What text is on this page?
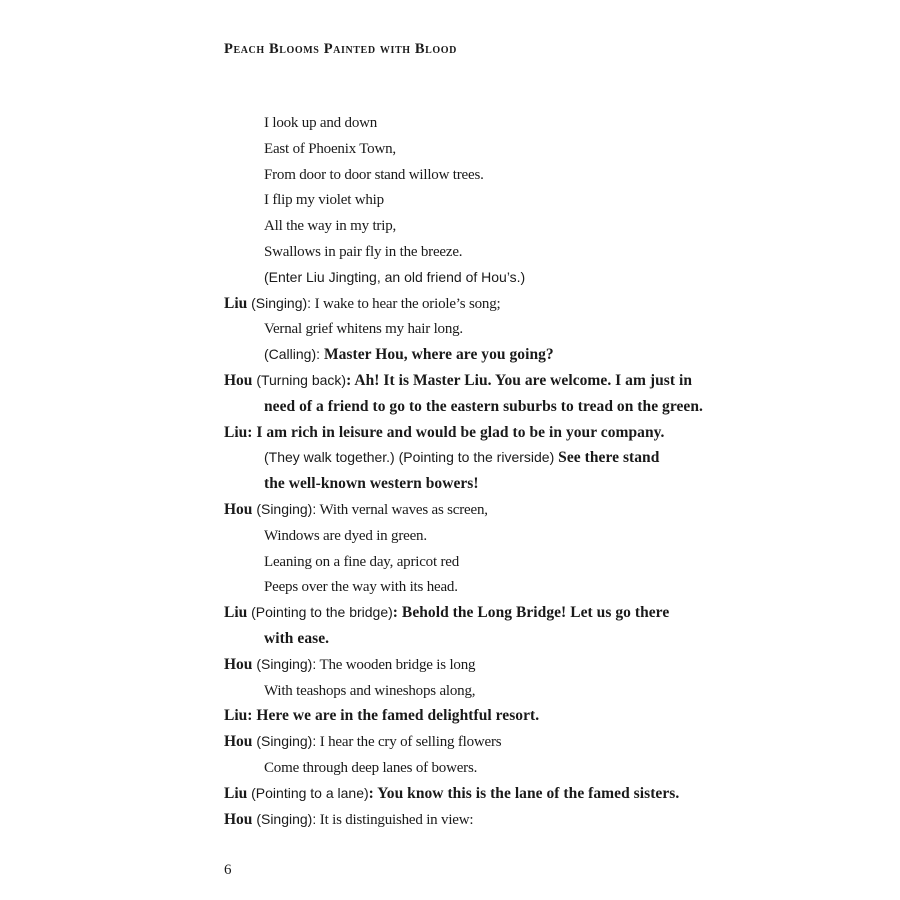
Peach Blooms Painted with Blood
I look up and down
East of Phoenix Town,
From door to door stand willow trees.
I flip my violet whip
All the way in my trip,
Swallows in pair fly in the breeze.
(Enter Liu Jingting, an old friend of Hou’s.)
Liu (Singing): I wake to hear the oriole’s song;
Vernal grief whitens my hair long.
(Calling): Master Hou, where are you going?
Hou (Turning back): Ah! It is Master Liu. You are welcome. I am just in
need of a friend to go to the eastern suburbs to tread on the green.
Liu: I am rich in leisure and would be glad to be in your company.
(They walk together.) (Pointing to the riverside) See there stand
the well-known western bowers!
Hou (Singing): With vernal waves as screen,
Windows are dyed in green.
Leaning on a fine day, apricot red
Peeps over the way with its head.
Liu (Pointing to the bridge): Behold the Long Bridge! Let us go there
with ease.
Hou (Singing): The wooden bridge is long
With teashops and wineshops along,
Liu: Here we are in the famed delightful resort.
Hou (Singing): I hear the cry of selling flowers
Come through deep lanes of bowers.
Liu (Pointing to a lane): You know this is the lane of the famed sisters.
Hou (Singing): It is distinguished in view:
6
